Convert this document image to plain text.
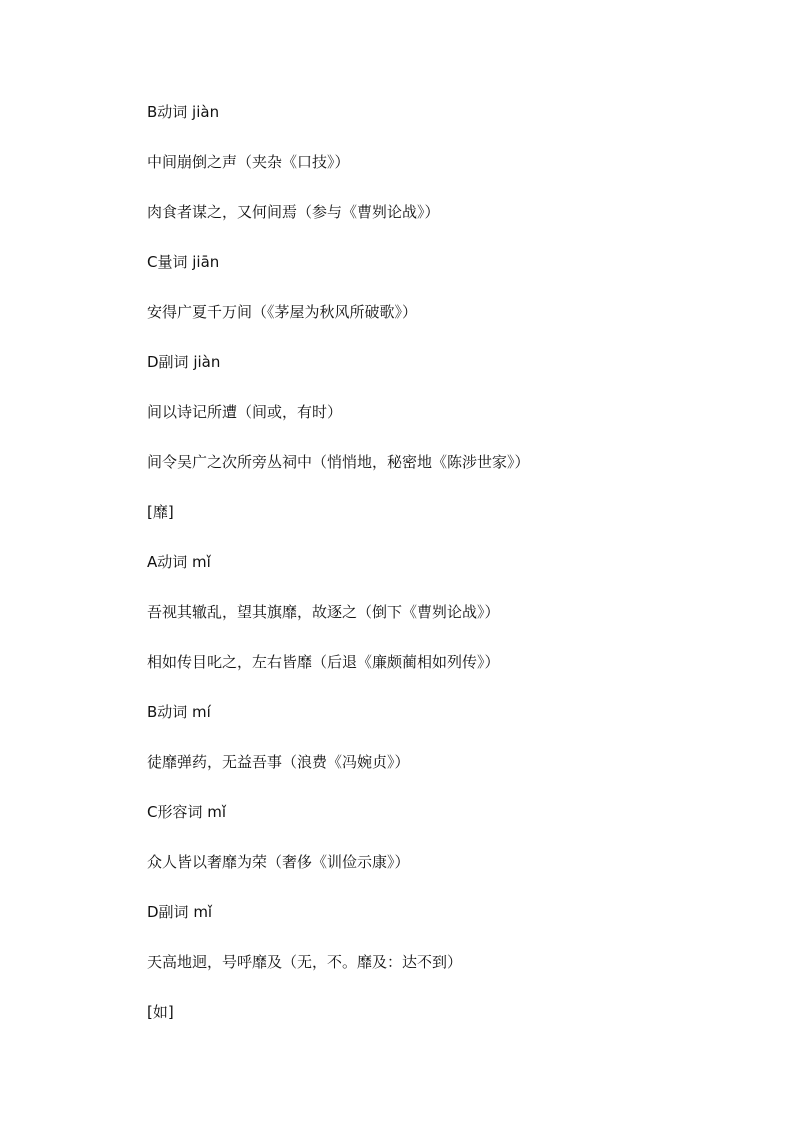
B动词 jiàn
中间崩倒之声（夹杂《口技》）
肉食者谋之，又何间焉（参与《曹刿论战》）
C量词 jiān
安得广夏千万间（《茅屋为秋风所破歌》）
D副词 jiàn
间以诗记所遭（间或，有时）
间令吴广之次所旁丛祠中（悄悄地，秘密地《陈涉世家》）
[靡]
A动词 mǐ
吾视其辙乱，望其旗靡，故逐之（倒下《曹刿论战》）
相如传目叱之，左右皆靡（后退《廉颇蔺相如列传》）
B动词 mí
徒靡弹药，无益吾事（浪费《冯婉贞》）
C形容词 mǐ
众人皆以奢靡为荣（奢侈《训俭示康》）
D副词 mǐ
天高地迥，号呼靡及（无，不。靡及：达不到）
[如]
